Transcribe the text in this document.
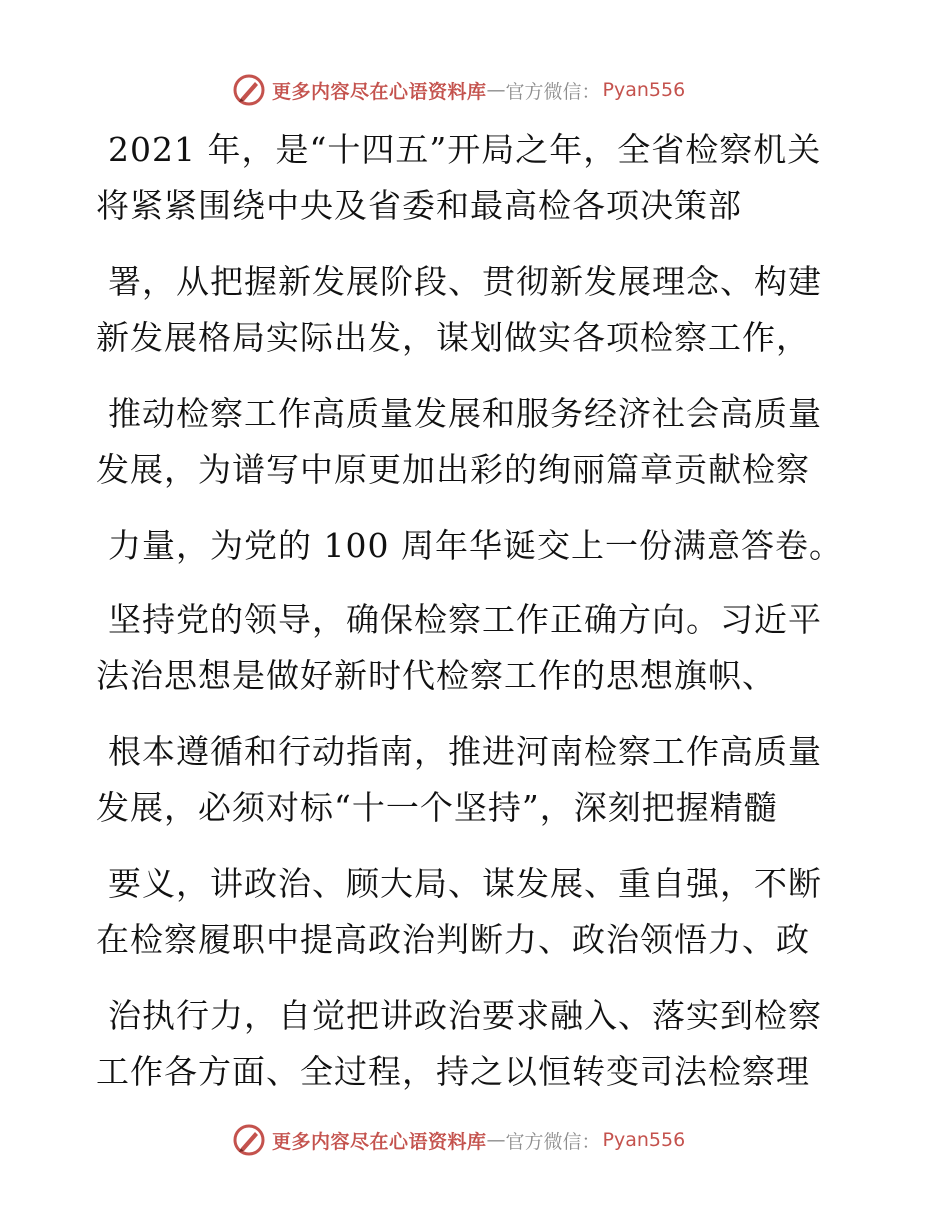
更多内容尽在心语资料库 — 官方微信： Pyan556
2021 年，是“十四五”开局之年，全省检察机关
将紧紧围绕中央及省委和最高检各项决策部
署，从把握新发展阶段、贯彻新发展理念、构建
新发展格局实际出发，谋划做实各项检察工作，
推动检察工作高质量发展和服务经济社会高质量
发展，为谱写中原更加出彩的绚丽篇章贡献检察
力量，为党的 100 周年华诞交上一份满意答卷。
坚持党的领导，确保检察工作正确方向。习近平
法治思想是做好新时代检察工作的思想旗帜、
根本遵循和行动指南，推进河南检察工作高质量
发展，必须对标“十一个坚持”，深刻把握精髓
要义，讲政治、顾大局、谋发展、重自强，不断
在检察履职中提高政治判断力、政治领悟力、政
治执行力，自觉把讲政治要求融入、落实到检察
工作各方面、全过程，持之以恒转变司法检察理
更多内容尽在心语资料库 — 官方微信： Pyan556
